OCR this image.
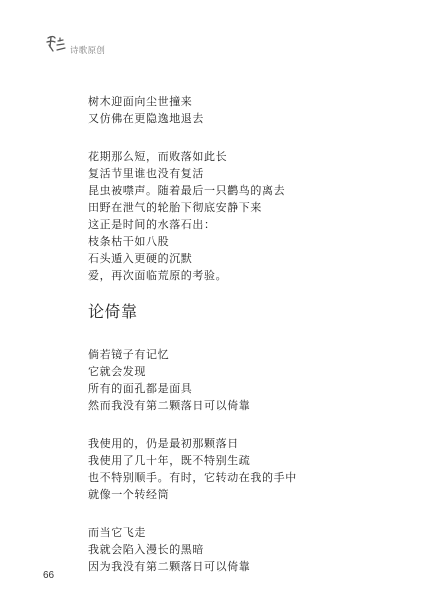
诗歌原创
树木迎面向尘世撞来
又仿佛在更隐逸地退去
花期那么短，而败落如此长
复活节里谁也没有复活
昆虫被噤声。随着最后一只鹳鸟的离去
田野在泄气的轮胎下彻底安静下来
这正是时间的水落石出：
枝条枯干如八股
石头遁入更硬的沉默
爱，再次面临荒原的考验。
论倚靠
倘若镜子有记忆
它就会发现
所有的面孔都是面具
然而我没有第二颗落日可以倚靠
我使用的，仍是最初那颗落日
我使用了几十年，既不特别生疏
也不特别顺手。有时，它转动在我的手中
就像一个转经筒
而当它飞走
我就会陷入漫长的黑暗
因为我没有第二颗落日可以倚靠
66
